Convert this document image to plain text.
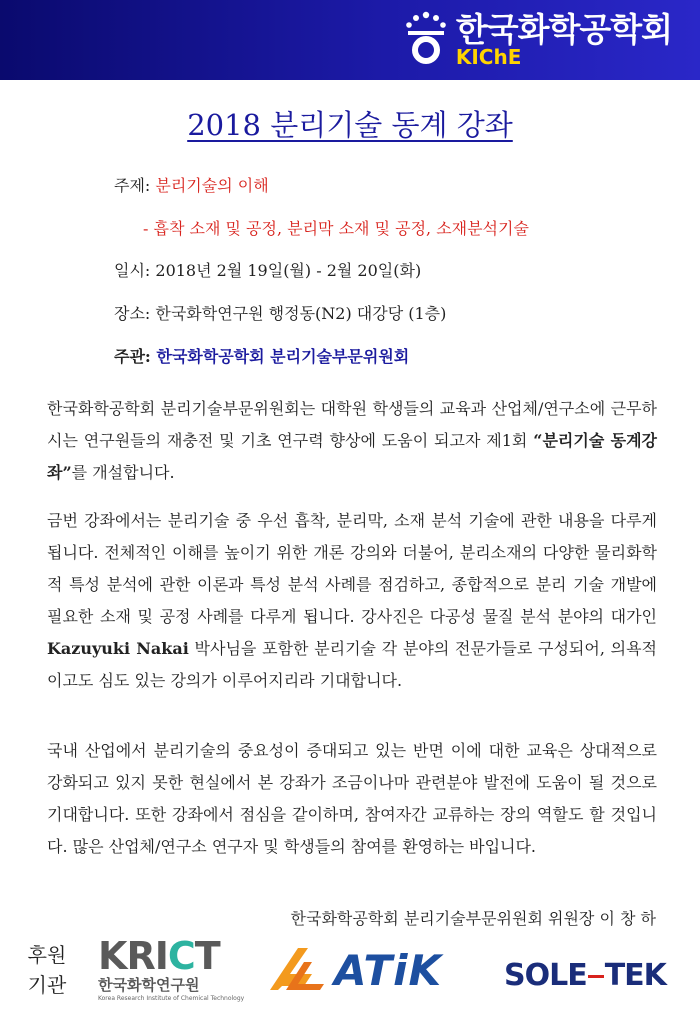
한국화학공학회
KIChE
2018 분리기술 동계 강좌
주제: 분리기술의 이해
- 흡착 소재 및 공정, 분리막 소재 및 공정, 소재분석기술
일시: 2018년 2월 19일(월) - 2월 20일(화)
장소: 한국화학연구원 행정동(N2) 대강당 (1층)
주관: 한국화학공학회 분리기술부문위원회
한국화학공학회 분리기술부문위원회는 대학원 학생들의 교육과 산업체/연구소에 근무하시는 연구원들의 재충전 및 기초 연구력 향상에 도움이 되고자 제1회 “분리기술 동계강좌”를 개설합니다.
금번 강좌에서는 분리기술 중 우선 흡착, 분리막, 소재 분석 기술에 관한 내용을 다루게 됩니다. 전체적인 이해를 높이기 위한 개론 강의와 더불어, 분리소재의 다양한 물리화학적 특성 분석에 관한 이론과 특성 분석 사례를 점검하고, 종합적으로 분리 기술 개발에 필요한 소재 및 공정 사례를 다루게 됩니다. 강사진은 다공성 물질 분석 분야의 대가인 Kazuyuki Nakai 박사님을 포함한 분리기술 각 분야의 전문가들로 구성되어, 의욕적이고도 심도 있는 강의가 이루어지리라 기대합니다.
국내 산업에서 분리기술의 중요성이 증대되고 있는 반면 이에 대한 교육은 상대적으로 강화되고 있지 못한 현실에서 본 강좌가 조금이나마 관련분야 발전에 도움이 될 것으로 기대합니다. 또한 강좌에서 점심을 같이하며, 참여자간 교류하는 장의 역할도 할 것입니다. 많은 산업체/연구소 연구자 및 학생들의 참여를 환영하는 바입니다.
한국화학공학회 분리기술부문위원회 위원장 이 창 하
후원
기관
KRICT
한국화학연구원
Korea Research Institute of Chemical Technology
ATiK SOLE TEK
